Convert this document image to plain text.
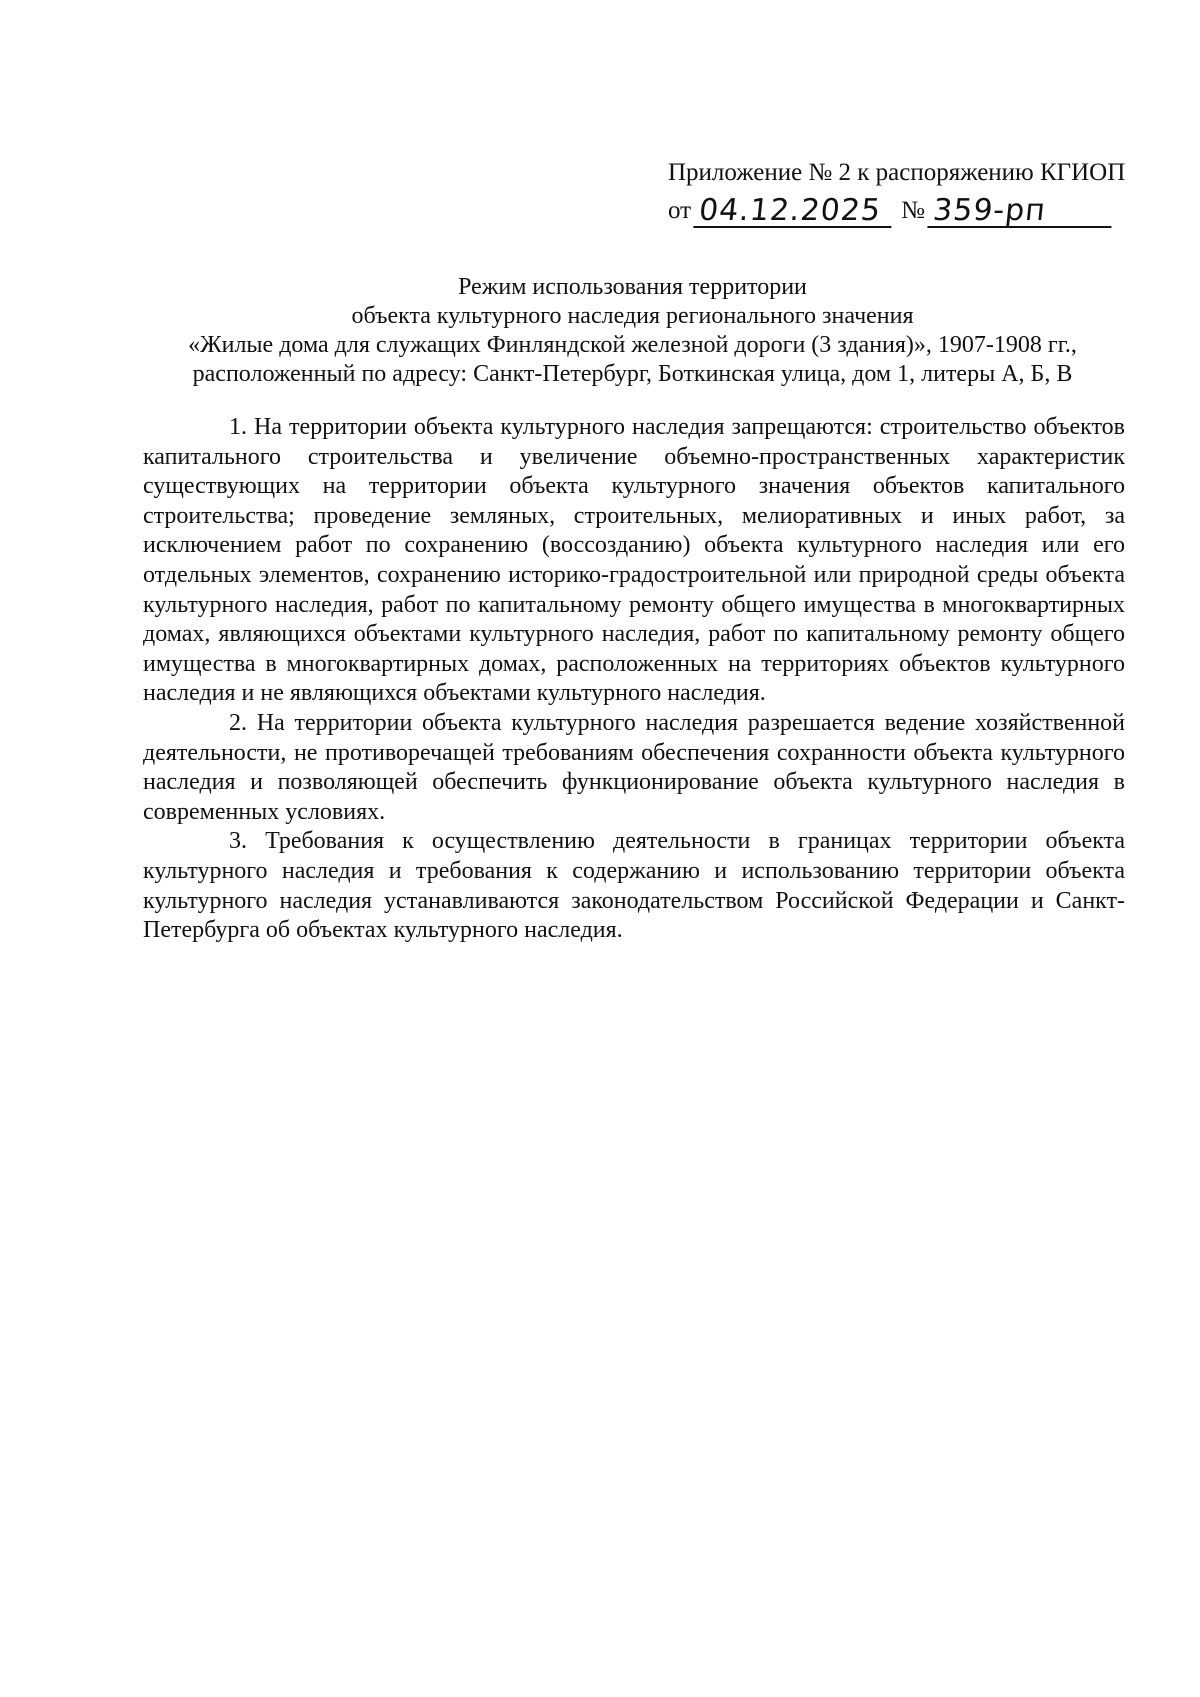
Приложение № 2 к распоряжению КГИОП
от 04.12.2025 № 359-рп
Режим использования территории
объекта культурного наследия регионального значения
«Жилые дома для служащих Финляндской железной дороги (3 здания)», 1907-1908 гг.,
расположенный по адресу: Санкт-Петербург, Боткинская улица, дом 1, литеры А, Б, В

1. На территории объекта культурного наследия запрещаются: строительство объектов капитального строительства и увеличение объемно-пространственных характеристик существующих на территории объекта культурного значения объектов капитального строительства; проведение земляных, строительных, мелиоративных и иных работ, за исключением работ по сохранению (воссозданию) объекта культурного наследия или его отдельных элементов, сохранению историко-градостроительной или природной среды объекта культурного наследия, работ по капитальному ремонту общего имущества в многоквартирных домах, являющихся объектами культурного наследия, работ по капитальному ремонту общего имущества в многоквартирных домах, расположенных на территориях объектов культурного наследия и не являющихся объектами культурного наследия.

2. На территории объекта культурного наследия разрешается ведение хозяйственной деятельности, не противоречащей требованиям обеспечения сохранности объекта культурного наследия и позволяющей обеспечить функционирование объекта культурного наследия в современных условиях.

3. Требования к осуществлению деятельности в границах территории объекта культурного наследия и требования к содержанию и использованию территории объекта культурного наследия устанавливаются законодательством Российской Федерации и Санкт-Петербурга об объектах культурного наследия.
